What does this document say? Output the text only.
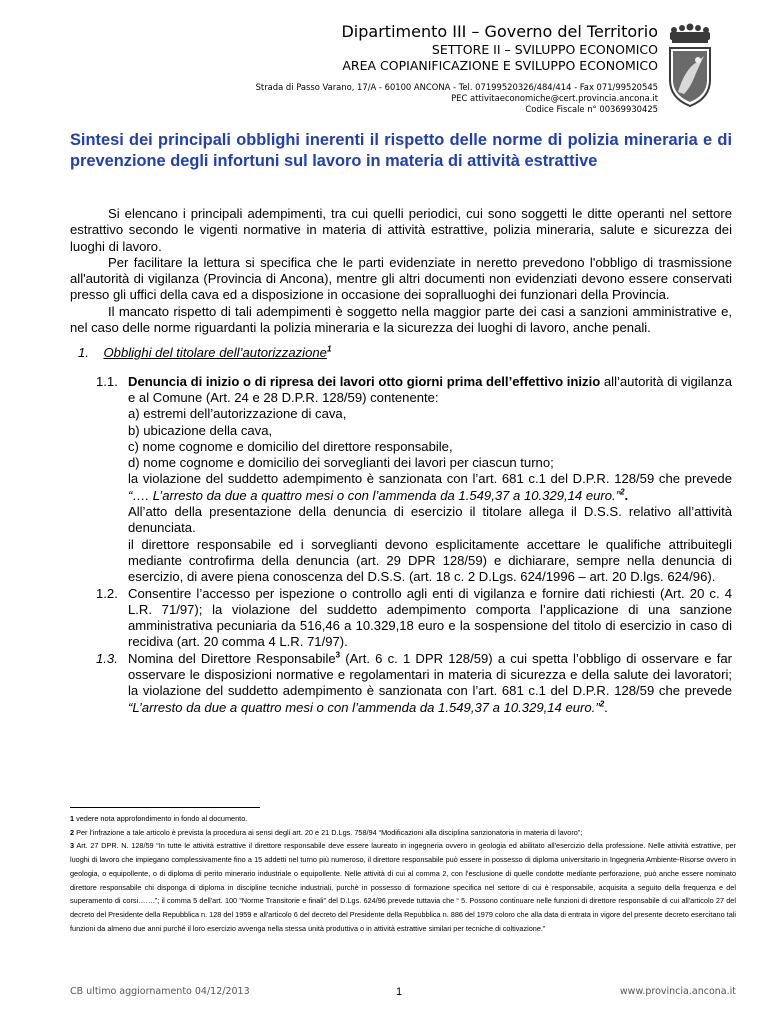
Dipartimento III – Governo del Territorio
SETTORE II – SVILUPPO ECONOMICO
AREA COPIANIFICAZIONE E SVILUPPO ECONOMICO
Strada di Passo Varano, 17/A - 60100 ANCONA - Tel. 07199520326/484/414 - Fax 071/99520545
PEC attivitaeconomiche@cert.provincia.ancona.it
Codice Fiscale n° 00369930425
Sintesi dei principali obblighi inerenti il rispetto delle norme di polizia mineraria e di prevenzione degli infortuni sul lavoro in materia di attività estrattive

Si elencano i principali adempimenti, tra cui quelli periodici, cui sono soggetti le ditte operanti nel settore estrattivo secondo le vigenti normative in materia di attività estrattive, polizia mineraria, salute e sicurezza dei luoghi di lavoro.

Per facilitare la lettura si specifica che le parti evidenziate in neretto prevedono l'obbligo di trasmissione all'autorità di vigilanza (Provincia di Ancona), mentre gli altri documenti non evidenziati devono essere conservati presso gli uffici della cava ed a disposizione in occasione dei sopralluoghi dei funzionari della Provincia.

Il mancato rispetto di tali adempimenti è soggetto nella maggior parte dei casi a sanzioni amministrative e, nel caso delle norme riguardanti la polizia mineraria e la sicurezza dei luoghi di lavoro, anche penali.

1. Obblighi del titolare dell’autorizzazione$^1$
1.1. Denuncia di inizio o di ripresa dei lavori otto giorni prima dell’effettivo inizio all’autorità di vigilanza e al Comune (Art. 24 e 28 D.P.R. 128/59) contenente:
a) estremi dell’autorizzazione di cava,
b) ubicazione della cava,
c) nome cognome e domicilio del direttore responsabile,
d) nome cognome e domicilio dei sorveglianti dei lavori per ciascun turno;
la violazione del suddetto adempimento è sanzionata con l’art. 681 c.1 del D.P.R. 128/59 che prevede “…. L’arresto da due a quattro mesi o con l’ammenda da 1.549,37 a 10.329,14 euro.”$^2$.
All’atto della presentazione della denuncia di esercizio il titolare allega il D.S.S. relativo all’attività denunciata.
il direttore responsabile ed i sorveglianti devono esplicitamente accettare le qualifiche attribuitegli mediante controfirma della denuncia (art. 29 DPR 128/59) e dichiarare, sempre nella denuncia di esercizio, di avere piena conoscenza del D.S.S. (art. 18 c. 2 D.Lgs. 624/1996 – art. 20 D.lgs. 624/96).
1.2. Consentire l’accesso per ispezione o controllo agli enti di vigilanza e fornire dati richiesti (Art. 20 c. 4 L.R. 71/97); la violazione del suddetto adempimento comporta l’applicazione di una sanzione amministrativa pecuniaria da 516,46 a 10.329,18 euro e la sospensione del titolo di esercizio in caso di recidiva (art. 20 comma 4 L.R. 71/97).
1.3. Nomina del Direttore Responsabile$^3$ (Art. 6 c. 1 DPR 128/59) a cui spetta l’obbligo di osservare e far osservare le disposizioni normative e regolamentari in materia di sicurezza e della salute dei lavoratori; la violazione del suddetto adempimento è sanzionata con l’art. 681 c.1 del D.P.R. 128/59 che prevede “L’arresto da due a quattro mesi o con l’ammenda da 1.549,37 a 10.329,14 euro.”$^2$.
1 vedere nota approfondimento in fondo al documento.
2 Per l’infrazione a tale articolo è prevista la procedura ai sensi degli art. 20 e 21 D.Lgs. 758/94 “Modificazioni alla disciplina sanzionatoria in materia di lavoro”;
3 Art. 27 DPR. N. 128/59 “In tutte le attività estrattive il direttore responsabile deve essere laureato in ingegneria ovvero in geologia ed abilitato all'esercizio della professione. Nelle attività estrattive, per luoghi di lavoro che impiegano complessivamente fino a 15 addetti nel turno più numeroso, il direttore responsabile può essere in possesso di diploma universitario in Ingegneria Ambiente-Risorse ovvero in geologia, o equipollente, o di diploma di perito minerario industriale o equipollente. Nelle attività di cui al comma 2, con l'esclusione di quelle condotte mediante perforazione, può anche essere nominato direttore responsabile chi disponga di diploma in discipline tecniche industriali, purchè in possesso di formazione specifica nel settore di cui è responsabile, acquisita a seguito della frequenza e del superamento di corsi…….”; il comma 5 dell'art. 100 “Norme Transitorie e finali” del D.Lgs. 624/96 prevede tuttavia che “ 5. Possono continuare nelle funzioni di direttore responsabile di cui all'articolo 27 del decreto del Presidente della Repubblica n. 128 del 1959 e all'articolo 6 del decreto del Presidente della Repubblica n. 886 del 1979 coloro che alla data di entrata in vigore del presente decreto esercitano tali funzioni da almeno due anni purché il loro esercizio avvenga nella stessa unità produttiva o in attività estrattive similari per tecniche di coltivazione.”
CB ultimo aggiornamento 04/12/2013	1	www.provincia.ancona.it
